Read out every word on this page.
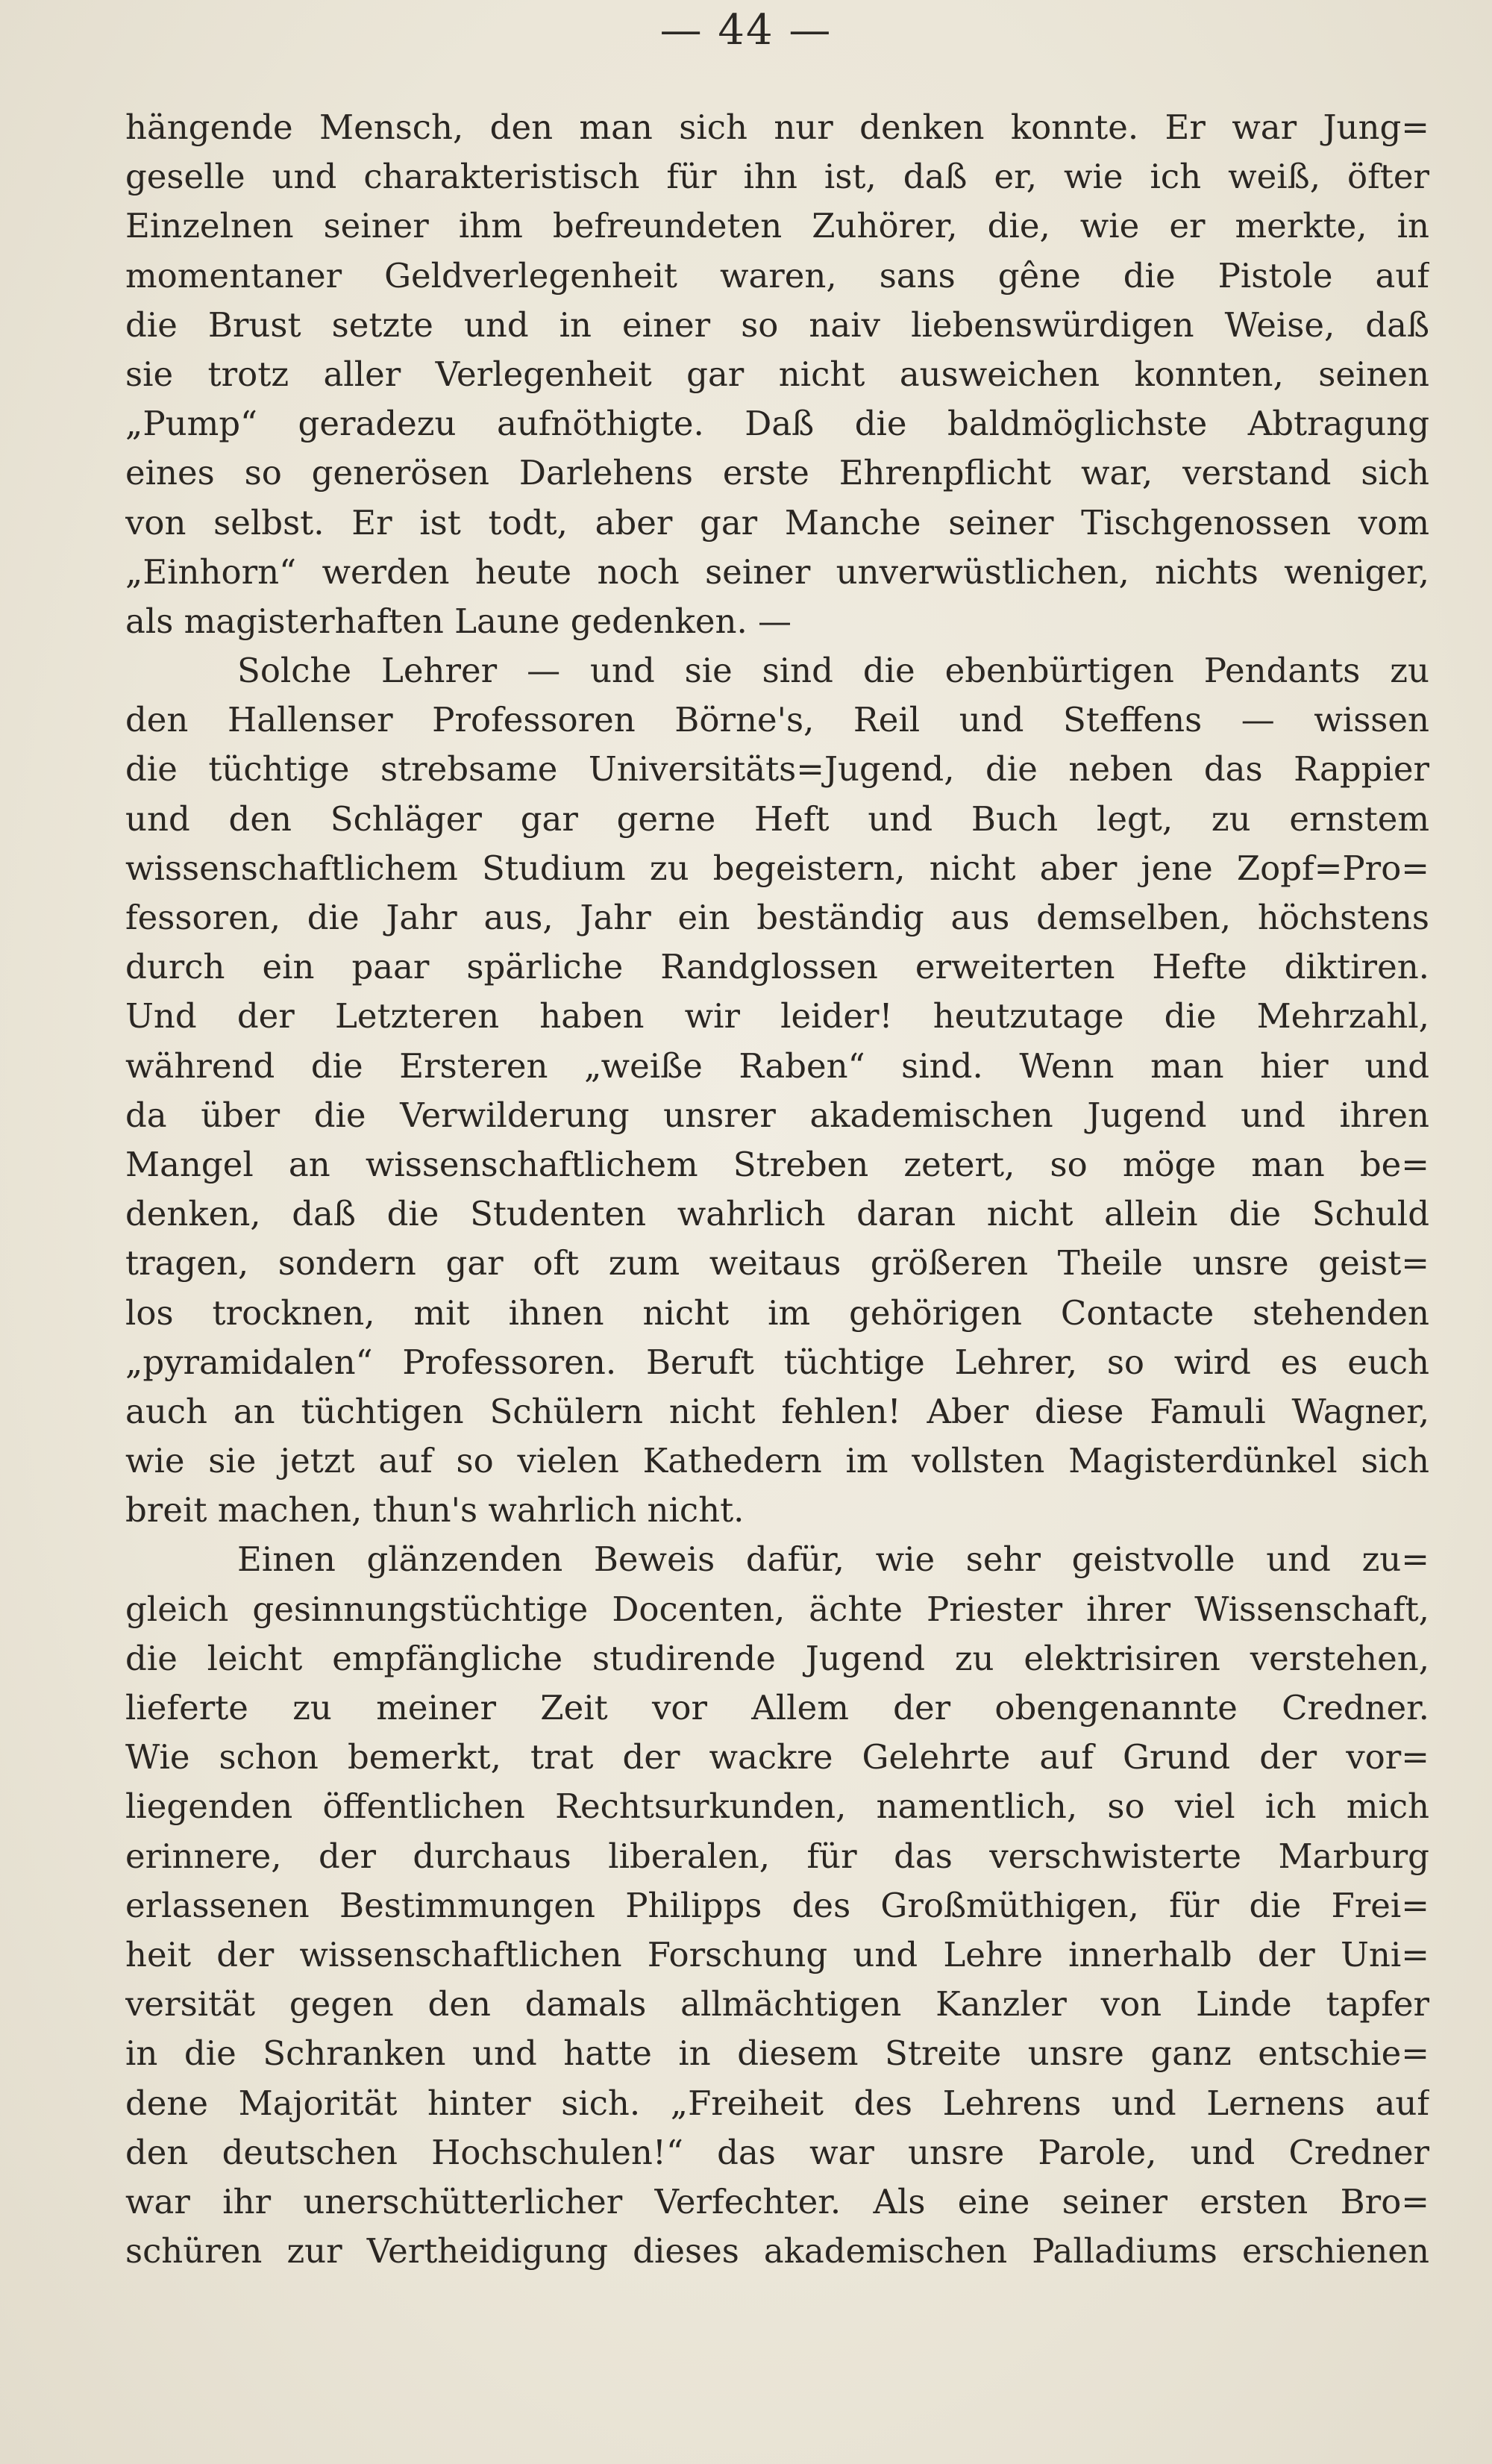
— 44 —
hängende Mensch, den man sich nur denken konnte. Er war Jung=
geselle und charakteristisch für ihn ist, daß er, wie ich weiß, öfter
Einzelnen seiner ihm befreundeten Zuhörer, die, wie er merkte, in
momentaner Geldverlegenheit waren, sans gêne die Pistole auf
die Brust setzte und in einer so naiv liebenswürdigen Weise, daß
sie trotz aller Verlegenheit gar nicht ausweichen konnten, seinen
„Pump“ geradezu aufnöthigte. Daß die baldmöglichste Abtragung
eines so generösen Darlehens erste Ehrenpflicht war, verstand sich
von selbst. Er ist todt, aber gar Manche seiner Tischgenossen vom
„Einhorn“ werden heute noch seiner unverwüstlichen, nichts weniger,
als magisterhaften Laune gedenken. —
Solche Lehrer — und sie sind die ebenbürtigen Pendants zu
den Hallenser Professoren Börne's, Reil und Steffens — wissen
die tüchtige strebsame Universitäts=Jugend, die neben das Rappier
und den Schläger gar gerne Heft und Buch legt, zu ernstem
wissenschaftlichem Studium zu begeistern, nicht aber jene Zopf=Pro=
fessoren, die Jahr aus, Jahr ein beständig aus demselben, höchstens
durch ein paar spärliche Randglossen erweiterten Hefte diktiren.
Und der Letzteren haben wir leider! heutzutage die Mehrzahl,
während die Ersteren „weiße Raben“ sind. Wenn man hier und
da über die Verwilderung unsrer akademischen Jugend und ihren
Mangel an wissenschaftlichem Streben zetert, so möge man be=
denken, daß die Studenten wahrlich daran nicht allein die Schuld
tragen, sondern gar oft zum weitaus größeren Theile unsre geist=
los trocknen, mit ihnen nicht im gehörigen Contacte stehenden
„pyramidalen“ Professoren. Beruft tüchtige Lehrer, so wird es euch
auch an tüchtigen Schülern nicht fehlen! Aber diese Famuli Wagner,
wie sie jetzt auf so vielen Kathedern im vollsten Magisterdünkel sich
breit machen, thun's wahrlich nicht.
Einen glänzenden Beweis dafür, wie sehr geistvolle und zu=
gleich gesinnungstüchtige Docenten, ächte Priester ihrer Wissenschaft,
die leicht empfängliche studirende Jugend zu elektrisiren verstehen,
lieferte zu meiner Zeit vor Allem der obengenannte Credner.
Wie schon bemerkt, trat der wackre Gelehrte auf Grund der vor=
liegenden öffentlichen Rechtsurkunden, namentlich, so viel ich mich
erinnere, der durchaus liberalen, für das verschwisterte Marburg
erlassenen Bestimmungen Philipps des Großmüthigen, für die Frei=
heit der wissenschaftlichen Forschung und Lehre innerhalb der Uni=
versität gegen den damals allmächtigen Kanzler von Linde tapfer
in die Schranken und hatte in diesem Streite unsre ganz entschie=
dene Majorität hinter sich. „Freiheit des Lehrens und Lernens auf
den deutschen Hochschulen!“ das war unsre Parole, und Credner
war ihr unerschütterlicher Verfechter. Als eine seiner ersten Bro=
schüren zur Vertheidigung dieses akademischen Palladiums erschienen
